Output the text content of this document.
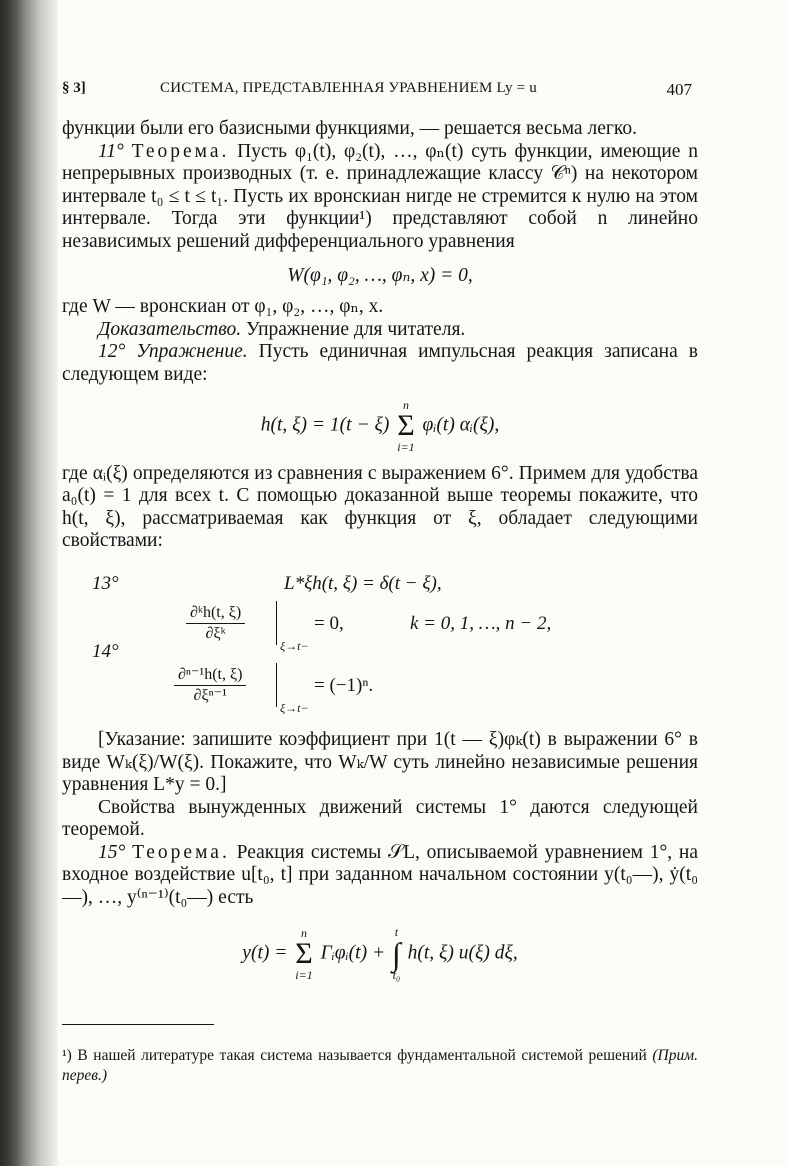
§ 3]	СИСТЕМА, ПРЕДСТАВЛЕННАЯ УРАВНЕНИЕМ Ly = u	407

функции были его базисными функциями, — решается весьма легко.

11° Теорема. Пусть φ₁(t), φ₂(t), …, φₙ(t) суть функции, имеющие n непрерывных производных (т. е. принадлежащие классу 𝒞ⁿ) на некотором интервале t₀ ≤ t ≤ t₁. Пусть их вронскиан нигде не стремится к нулю на этом интервале. Тогда эти функции¹) представляют собой n линейно независимых решений дифференциального уравнения

W(φ₁, φ₂, …, φₙ, x) = 0,

где W — вронскиан от φ₁, φ₂, …, φₙ, x.

Доказательство. Упражнение для читателя.

12° Упражнение. Пусть единичная импульсная реакция записана в следующем виде:

h(t, ξ) = 1(t − ξ)
n
Σ
i=1
φᵢ(t) αᵢ(ξ),

где αᵢ(ξ) определяются из сравнения с выражением 6°. Примем для удобства a₀(t) = 1 для всех t. С помощью доказанной выше теоремы покажите, что h(t, ξ), рассматриваемая как функция от ξ, обладает следующими свойствами:

13°	L*ξh(t, ξ) = δ(t − ξ),
$\frac{\text{∂ᵏh(t, ξ)}}{\text{∂ξᵏ}}$
ξ→t−
= 0,	k = 0, 1, …, n − 2,
14°
$\frac{\text{∂ⁿ⁻¹h(t, ξ)}}{\text{∂ξⁿ⁻¹}}$
ξ→t−
= (−1)ⁿ.

[Указание: запишите коэффициент при 1(t — ξ)φₖ(t) в выражении 6° в виде Wₖ(ξ)/W(ξ). Покажите, что Wₖ/W суть линейно независимые решения уравнения L*y = 0.]

Свойства вынужденных движений системы 1° даются следующей теоремой.

15° Теорема. Реакция системы 𝒮L, описываемой уравнением 1°, на входное воздействие u[t₀, t] при заданном начальном состоянии y(t₀—), ẏ(t₀—), …, y⁽ⁿ⁻¹⁾(t₀—) есть

y(t) =
n
Σ
i=1
Γᵢφᵢ(t) +
t
∫
t₀
h(t, ξ) u(ξ) dξ,
¹) В нашей литературе такая система называется фундаментальной системой решений (Прим. перев.)
